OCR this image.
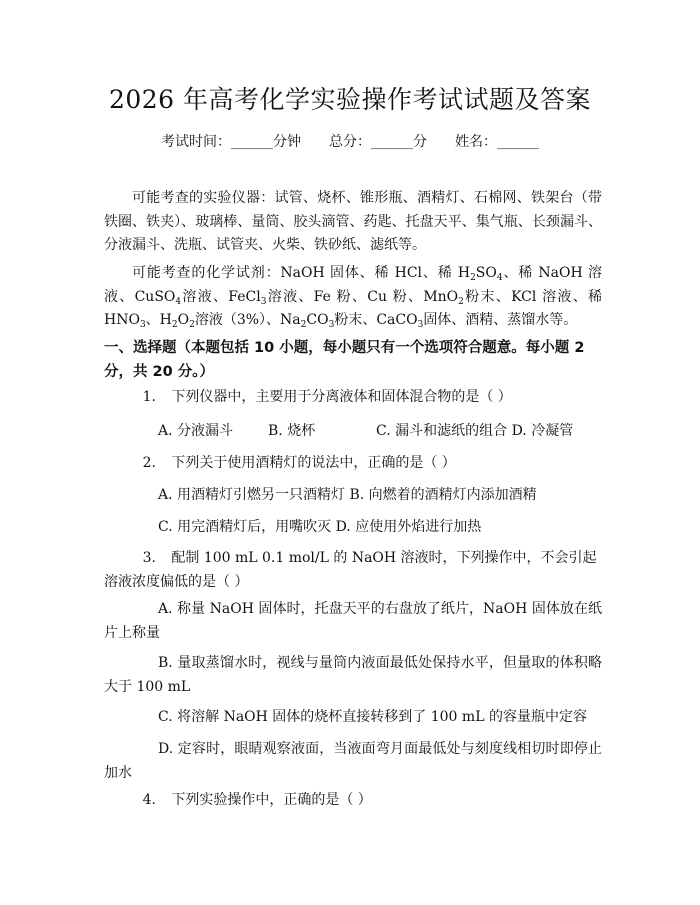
2026 年高考化学实验操作考试试题及答案
考试时间：______分钟 总分：______分 姓名：______
可能考查的实验仪器：试管、烧杯、锥形瓶、酒精灯、石棉网、铁架台（带铁圈、铁夹）、玻璃棒、量筒、胶头滴管、药匙、托盘天平、集气瓶、长颈漏斗、分液漏斗、洗瓶、试管夹、火柴、铁砂纸、滤纸等。
可能考查的化学试剂：NaOH 固体、稀 HCl、稀 $H_2SO_4$、稀 NaOH 溶液、CuSO$_4$溶液、FeCl$_3$溶液、Fe 粉、Cu 粉、MnO$_2$粉末、KCl 溶液、稀 $HNO_3$、$H_2O_2$溶液（3%）、$Na_2CO_3$粉末、CaCO$_3$固体、酒精、蒸馏水等。
一、选择题（本题包括 10 小题，每小题只有一个选项符合题意。每小题 2 分，共 20 分。）
1. 下列仪器中，主要用于分离液体和固体混合物的是（ ）
A. 分液漏斗 B. 烧杯	C. 漏斗和滤纸的组合 D. 冷凝管
2. 下列关于使用酒精灯的说法中，正确的是（ ）
A. 用酒精灯引燃另一只酒精灯 B. 向燃着的酒精灯内添加酒精
C. 用完酒精灯后，用嘴吹灭 D. 应使用外焰进行加热
3. 配制 100 mL 0.1 mol/L 的 NaOH 溶液时，下列操作中，不会引起溶液浓度偏低的是（ ）
A. 称量 NaOH 固体时，托盘天平的右盘放了纸片，NaOH 固体放在纸片上称量
B. 量取蒸馏水时，视线与量筒内液面最低处保持水平，但量取的体积略大于 100 mL
C. 将溶解 NaOH 固体的烧杯直接转移到了 100 mL 的容量瓶中定容
D. 定容时，眼睛观察液面，当液面弯月面最低处与刻度线相切时即停止加水
4. 下列实验操作中，正确的是（ ）
